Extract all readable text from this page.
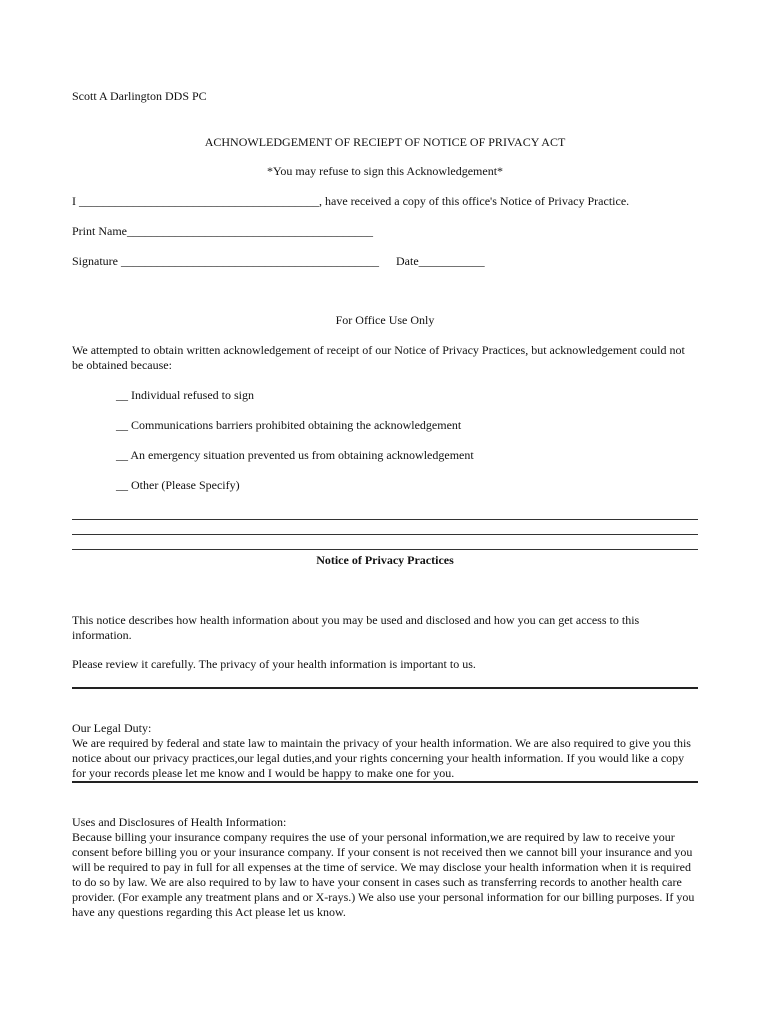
Scott A Darlington DDS PC
ACHNOWLEDGEMENT OF RECIEPT OF NOTICE OF PRIVACY ACT
*You may refuse to sign this Acknowledgement*
I ________________________________________, have received a copy of this office's Notice of Privacy Practice.
Print Name_________________________________________
Signature ___________________________________________ Date___________
For Office Use Only
We attempted to obtain written acknowledgement of receipt of our Notice of Privacy Practices, but acknowledgement could not be obtained because:
__ Individual refused to sign
__ Communications barriers prohibited obtaining the acknowledgement
__ An emergency situation prevented us from obtaining acknowledgement
__ Other (Please Specify)
Notice of Privacy Practices
This notice describes how health information about you may be used and disclosed and how you can get access to this information.
Please review it carefully. The privacy of your health information is important to us.
Our Legal Duty:
We are required by federal and state law to maintain the privacy of your health information. We are also required to give you this notice about our privacy practices,our legal duties,and your rights concerning your health information. If you would like a copy for your records please let me know and I would be happy to make one for you.
Uses and Disclosures of Health Information:
Because billing your insurance company requires the use of your personal information,we are required by law to receive your consent before billing you or your insurance company. If your consent is not received then we cannot bill your insurance and you will be required to pay in full for all expenses at the time of service. We may disclose your health information when it is required to do so by law. We are also required to by law to have your consent in cases such as transferring records to another health care provider. (For example any treatment plans and or X-rays.) We also use your personal information for our billing purposes. If you have any questions regarding this Act please let us know.
